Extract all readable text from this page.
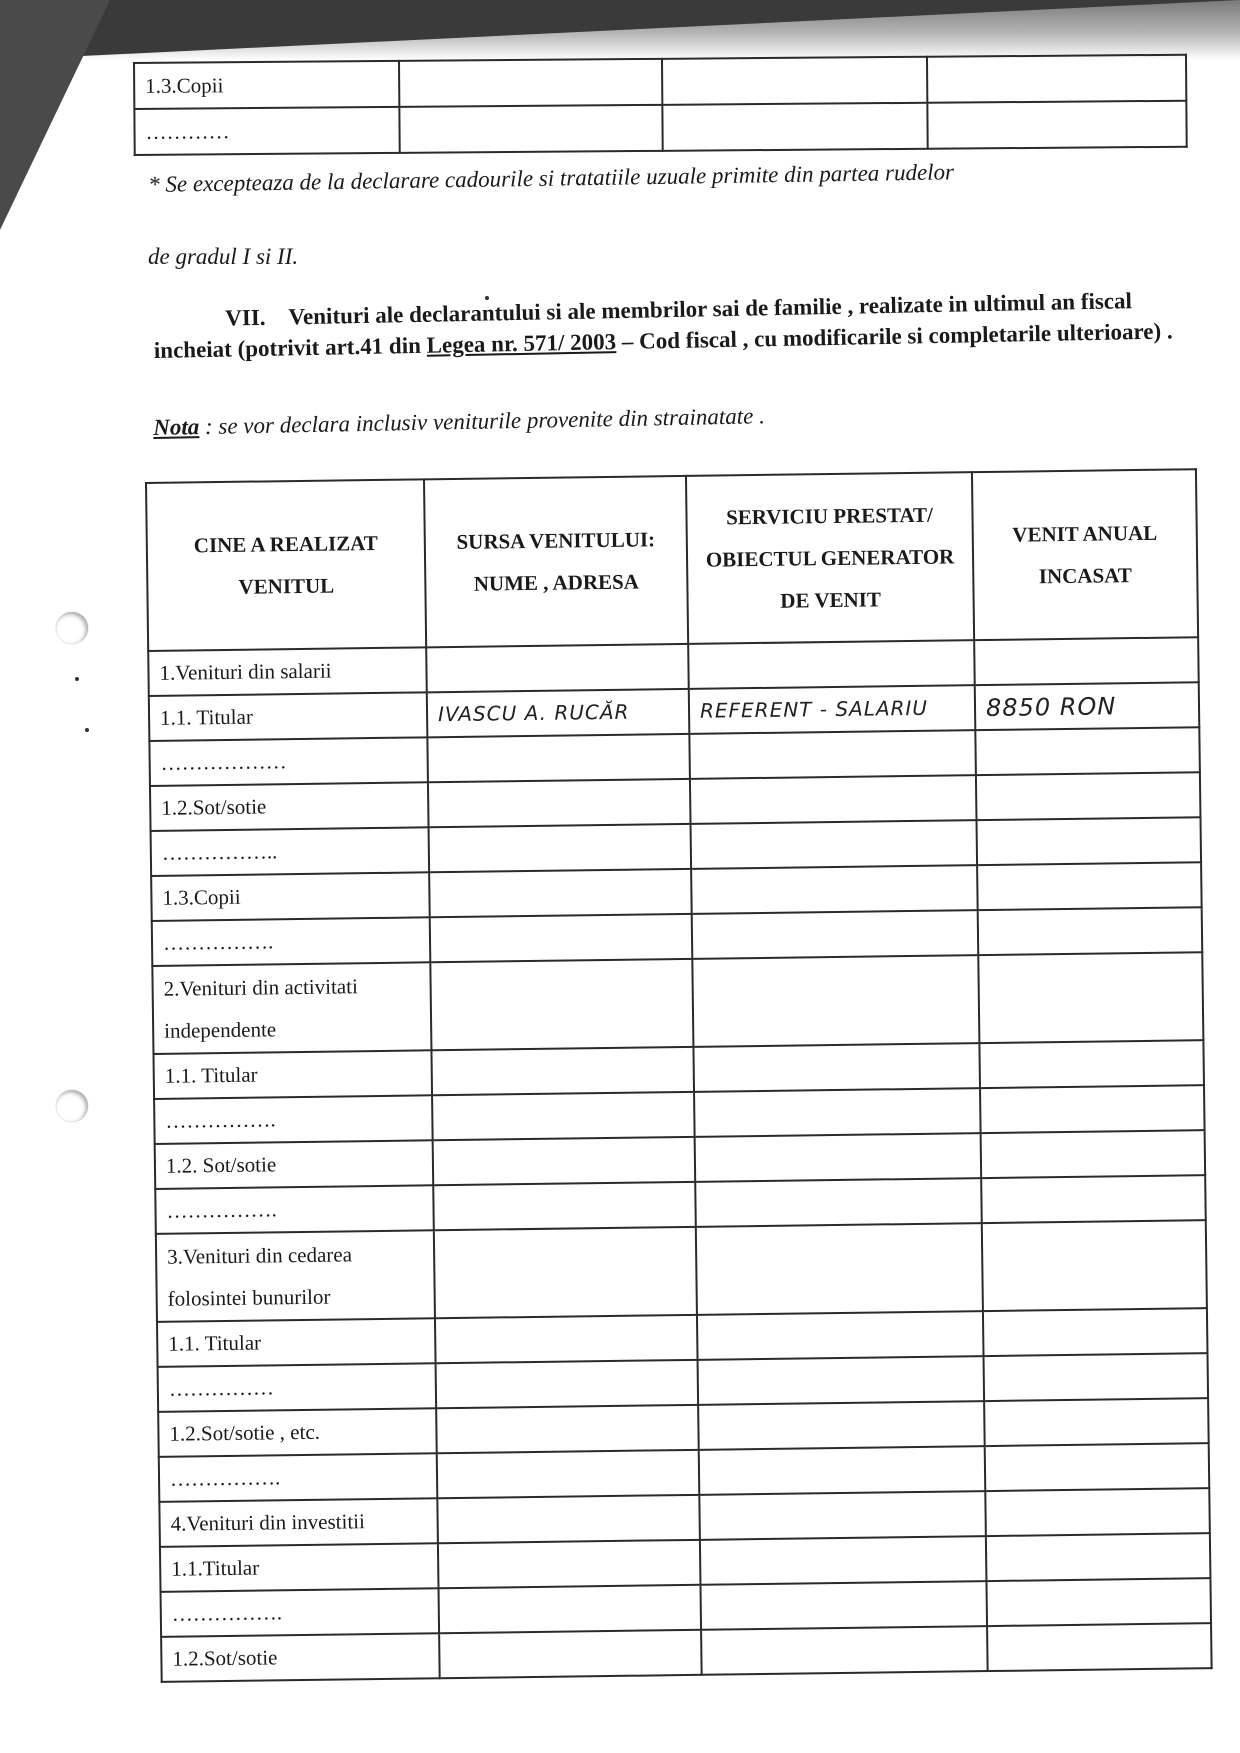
1.3.Copii			
…………			
* Se excepteaza de la declarare cadourile si tratatiile uzuale primite din partea rudelor
de gradul I si II.
VII. Venituri ale declarantului si ale membrilor sai de familie , realizate in ultimul an fiscal incheiat (potrivit art.41 din Legea nr. 571/ 2003 – Cod fiscal , cu modificarile si completarile ulterioare) .
Nota : se vor declara inclusiv veniturile provenite din strainatate .
CINE A REALIZAT VENITUL	SURSA VENITULUI: NUME , ADRESA	SERVICIU PRESTAT/ OBIECTUL GENERATOR DE VENIT	VENIT ANUAL INCASAT
1.Venituri din salarii			
1.1. Titular	IVASCU A. RUCĂR	REFERENT - SALARIU	8850 RON
………………			
1.2.Sot/sotie			
……………..			
1.3.Copii			
…………….			
2.Venituri din activitati independente			
1.1. Titular			
…………….			
1.2. Sot/sotie			
…………….			
3.Venituri din cedarea folosintei bunurilor			
1.1. Titular			
……………			
1.2.Sot/sotie , etc.			
…………….			
4.Venituri din investitii			
1.1.Titular			
…………….			
1.2.Sot/sotie			
